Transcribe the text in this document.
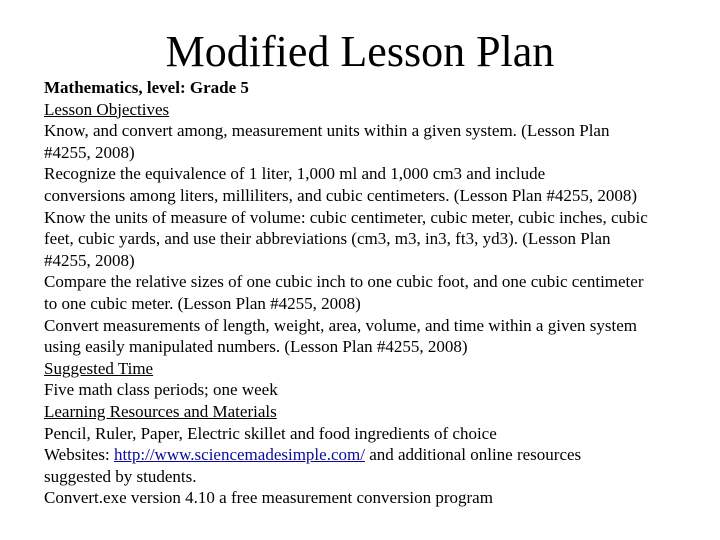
Modified Lesson Plan
Mathematics, level: Grade 5
Lesson Objectives
Know, and convert among, measurement units within a given system. (Lesson Plan
#4255, 2008)
Recognize the equivalence of 1 liter, 1,000 ml and 1,000 cm3 and include
conversions among liters, milliliters, and cubic centimeters. (Lesson Plan #4255, 2008)
Know the units of measure of volume: cubic centimeter, cubic meter, cubic inches, cubic
feet, cubic yards, and use their abbreviations (cm3, m3, in3, ft3, yd3). (Lesson Plan
#4255, 2008)
Compare the relative sizes of one cubic inch to one cubic foot, and one cubic centimeter
to one cubic meter. (Lesson Plan #4255, 2008)
Convert measurements of length, weight, area, volume, and time within a given system
using easily manipulated numbers. (Lesson Plan #4255, 2008)
Suggested Time
Five math class periods; one week
Learning Resources and Materials
Pencil, Ruler, Paper, Electric skillet and food ingredients of choice
Websites: http://www.sciencemadesimple.com/ and additional online resources
suggested by students.
Convert.exe version 4.10 a free measurement conversion program
